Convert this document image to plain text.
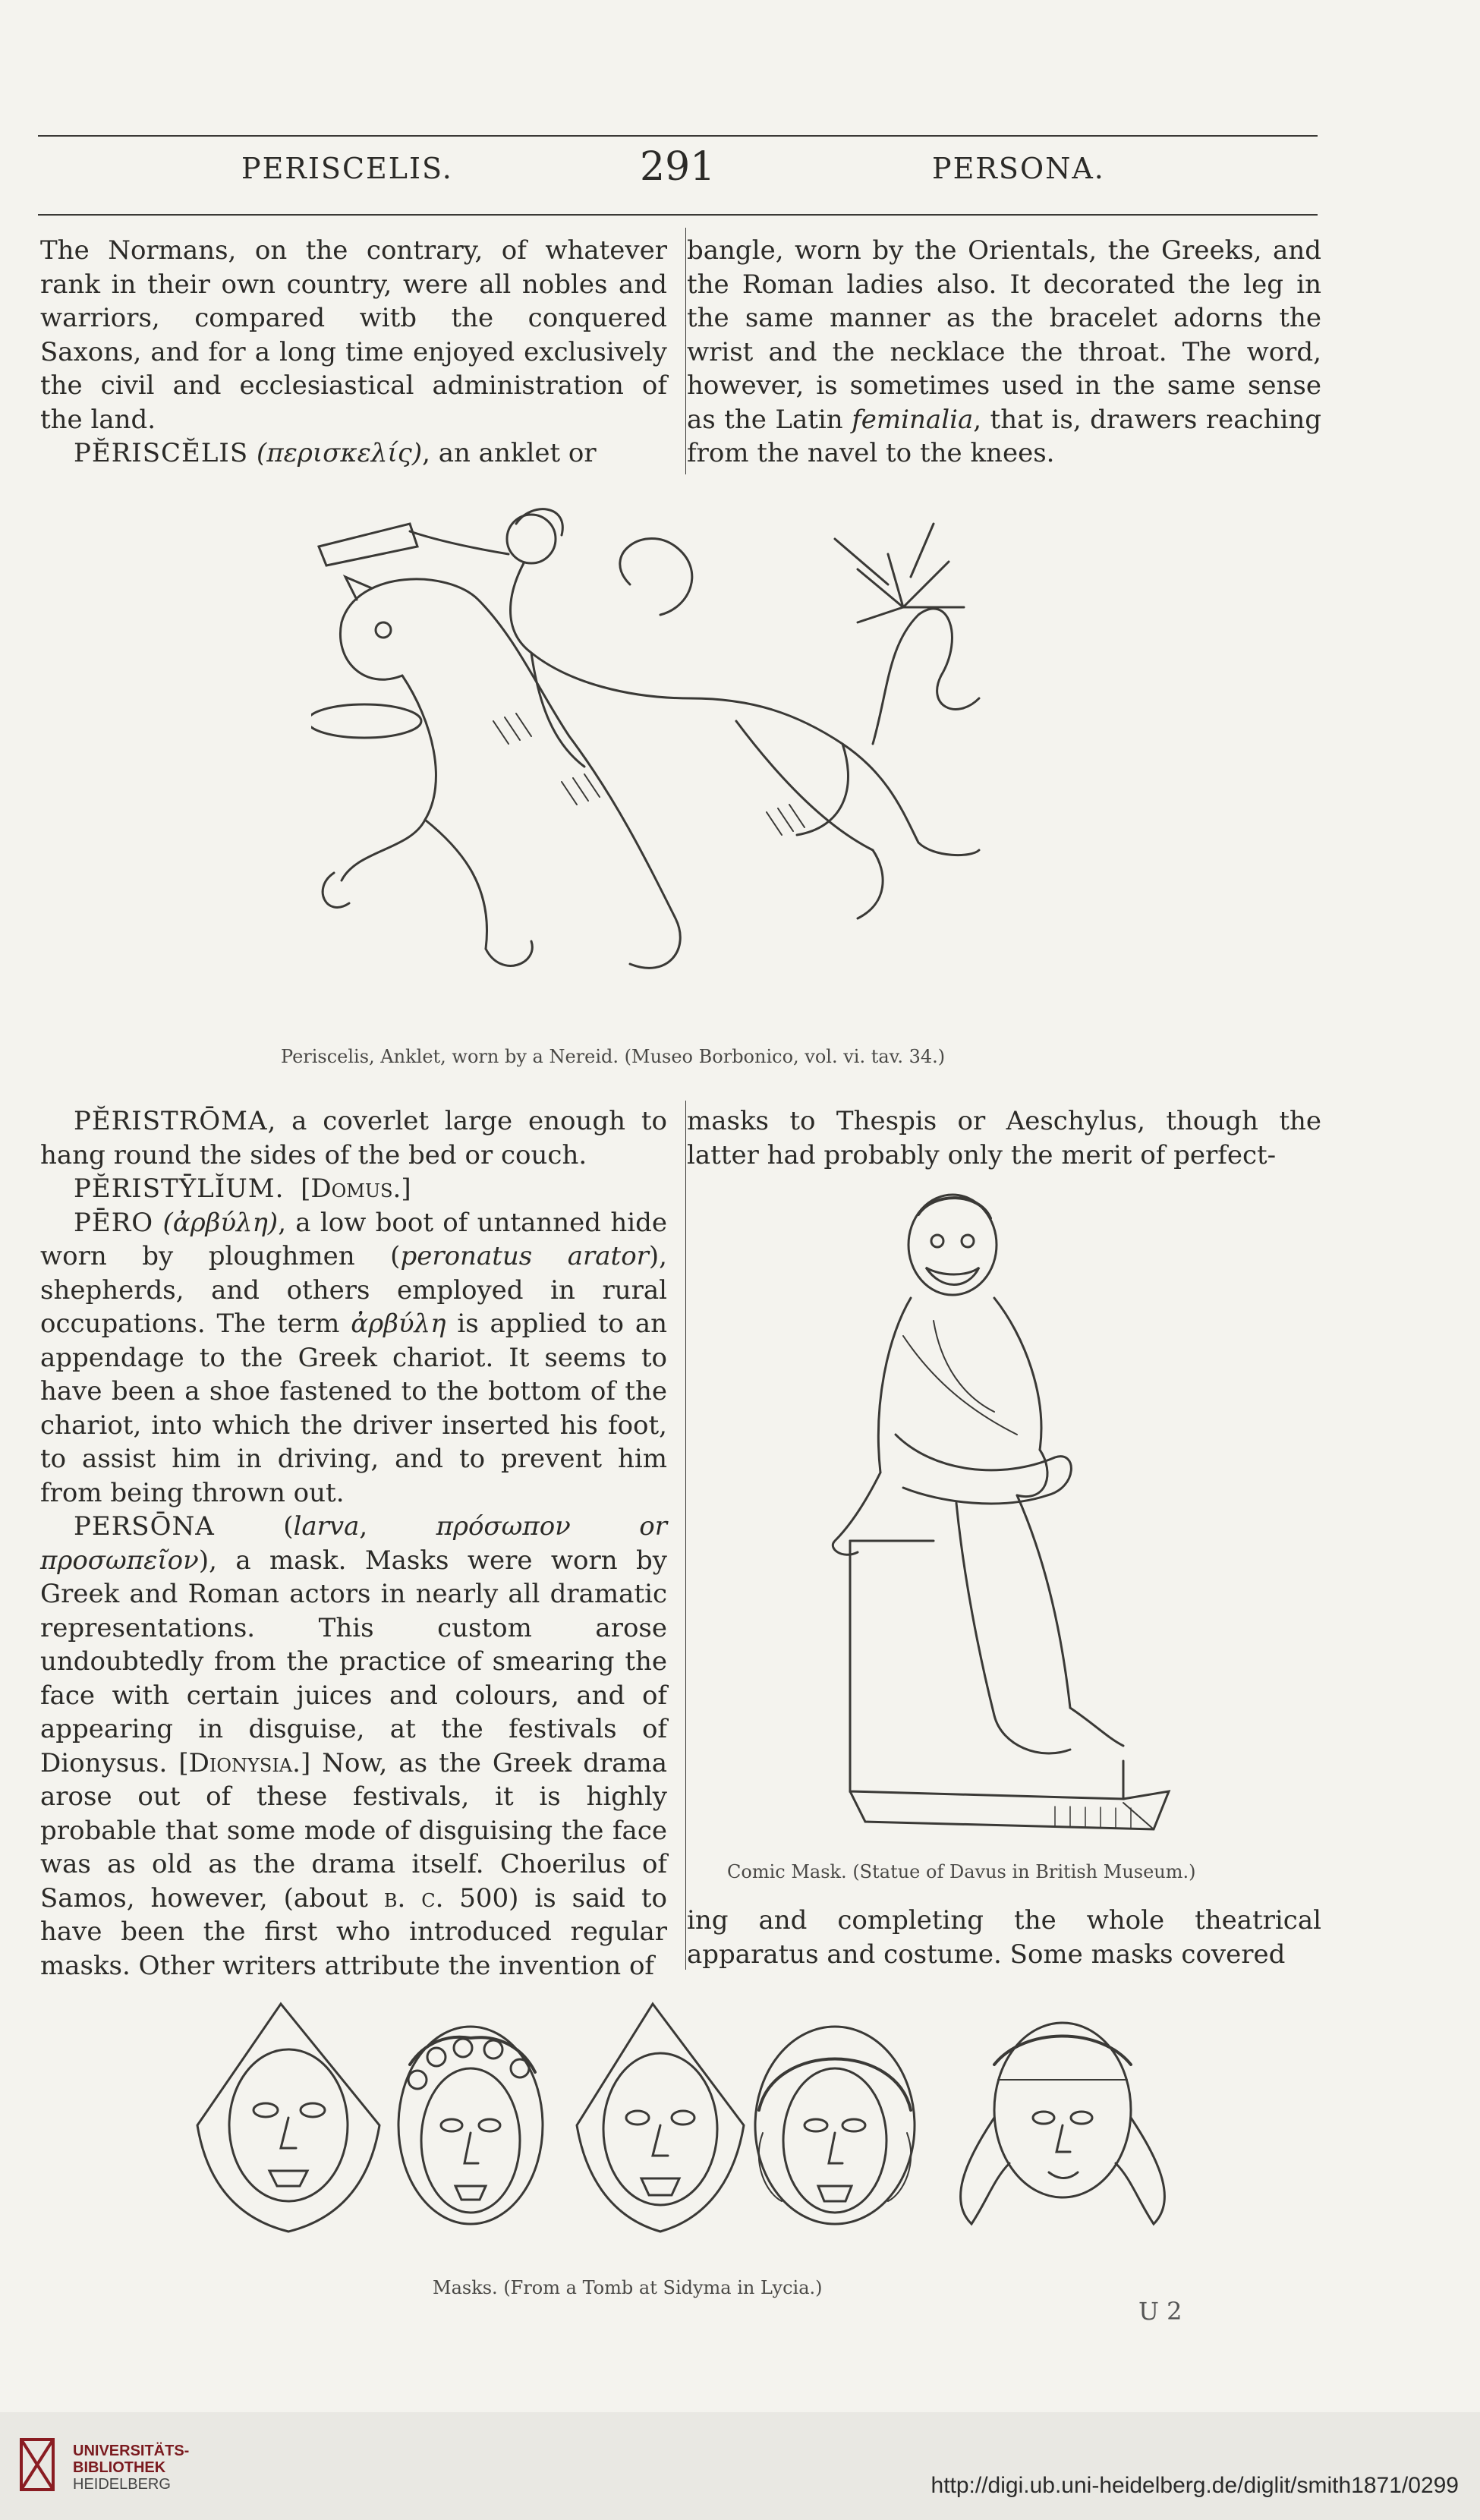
PERISCELIS.	291	PERSONA.

The Normans, on the contrary, of whatever rank in their own country, were all nobles and warriors, compared witb the conquered Saxons, and for a long time enjoyed exclusively the civil and ecclesiastical administration of the land.

PĔRISCĔLIS (περισκελίς), an anklet or

bangle, worn by the Orientals, the Greeks, and the Roman ladies also. It decorated the leg in the same manner as the bracelet adorns the wrist and the necklace the throat. The word, however, is sometimes used in the same sense as the Latin feminalia, that is, drawers reaching from the navel to the knees.

Periscelis, Anklet, worn by a Nereid. (Museo Borbonico, vol. vi. tav. 34.)

PĔRISTRŌMA, a coverlet large enough to hang round the sides of the bed or couch.

PĔRISTȲLĬUM. [Domus.]

PĒRO (ἀρβύλη), a low boot of untanned hide worn by ploughmen (peronatus arator), shepherds, and others employed in rural occupations. The term ἀρβύλη is applied to an appendage to the Greek chariot. It seems to have been a shoe fastened to the bottom of the chariot, into which the driver inserted his foot, to assist him in driving, and to prevent him from being thrown out.

PERSŌNA (larva, πρόσωπον or προσωπεῖον), a mask. Masks were worn by Greek and Roman actors in nearly all dramatic representations. This custom arose undoubtedly from the practice of smearing the face with certain juices and colours, and of appearing in disguise, at the festivals of Dionysus. [Dionysia.] Now, as the Greek drama arose out of these festivals, it is highly probable that some mode of disguising the face was as old as the drama itself. Choerilus of Samos, however, (about b. c. 500) is said to have been the first who introduced regular masks. Other writers attribute the invention of

masks to Thespis or Aeschylus, though the latter had probably only the merit of perfect-

Comic Mask. (Statue of Davus in British Museum.)

ing and completing the whole theatrical apparatus and costume. Some masks covered

Masks. (From a Tomb at Sidyma in Lycia.)
U 2
UNIVERSITÄTS-
BIBLIOTHEK
HEIDELBERG	http://digi.ub.uni-heidelberg.de/diglit/smith1871/0299
